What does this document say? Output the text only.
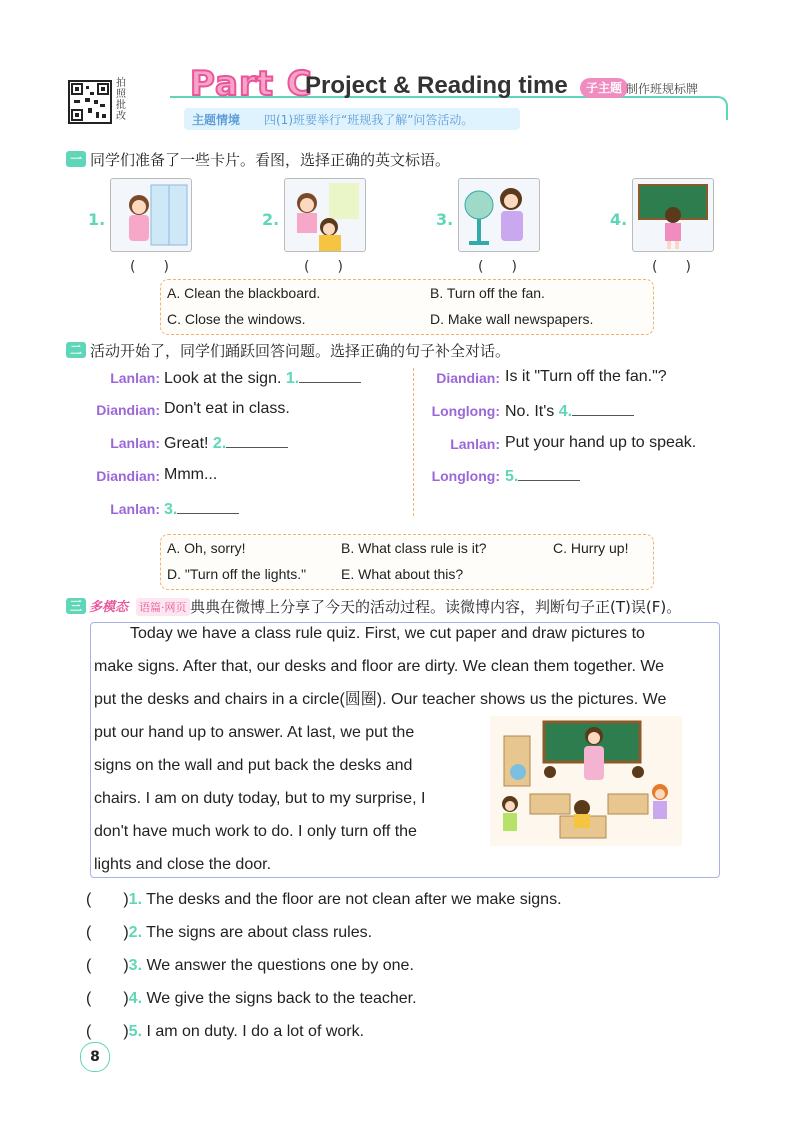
拍照批改
Part C
Project & Reading time	子主题 制作班规标牌
主题情境 四(1)班要举行“班规我了解”问答活动。
一 同学们准备了一些卡片。看图，选择正确的英文标语。
1.
(　　)
2.
(　　)
3.
(　　)
4.
(　　)
A. Clean the blackboard.	B. Turn off the fan.
C. Close the windows.	D. Make wall newspapers.
二 活动开始了，同学们踊跃回答问题。选择正确的句子补全对话。
Lanlan: Look at the sign. 1.
Diandian: Don't eat in class.
Lanlan: Great! 2.
Diandian: Mmm...
Lanlan: 3.
Diandian: Is it "Turn off the fan."?
Longlong: No. It's 4.
Lanlan: Put your hand up to speak.
Longlong: 5.
A. Oh, sorry!	B. What class rule is it?	C. Hurry up!
D. "Turn off the lights." E. What about this?
三 多模态 语篇·网页 典典在微博上分享了今天的活动过程。读微博内容，判断句子正(T)误(F)。
Today we have a class rule quiz. First, we cut paper and draw pictures to
make signs. After that, our desks and floor are dirty. We clean them together. We
put the desks and chairs in a circle(圆圈). Our teacher shows us the pictures. We
put our hand up to answer. At last, we put the
signs on the wall and put back the desks and
chairs. I am on duty today, but to my surprise, I
don't have much work to do. I only turn off the
lights and close the door.
(　　)1. The desks and the floor are not clean after we make signs.
(　　)2. The signs are about class rules.
(　　)3. We answer the questions one by one.
(　　)4. We give the signs back to the teacher.
(　　)5. I am on duty. I do a lot of work.
8
